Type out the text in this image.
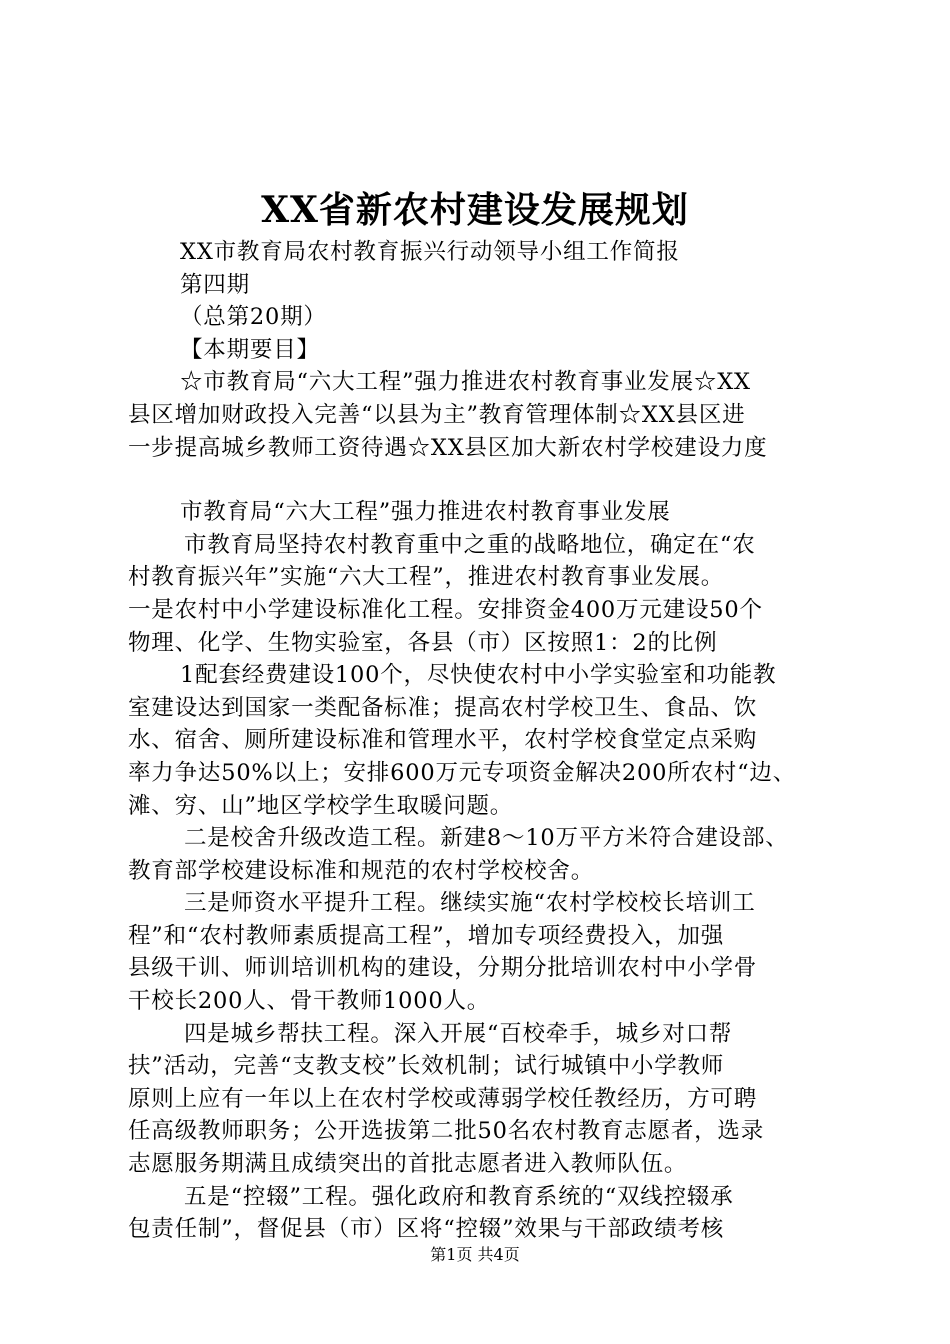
XX省新农村建设发展规划
XX市教育局农村教育振兴行动领导小组工作简报
第四期
（总第20期）
【本期要目】
☆市教育局“六大工程”强力推进农村教育事业发展☆XX
县区增加财政投入完善“以县为主”教育管理体制☆XX县区进
一步提高城乡教师工资待遇☆XX县区加大新农村学校建设力度
市教育局“六大工程”强力推进农村教育事业发展
市教育局坚持农村教育重中之重的战略地位，确定在“农
村教育振兴年”实施“六大工程”，推进农村教育事业发展。
一是农村中小学建设标准化工程。安排资金400万元建设50个
物理、化学、生物实验室，各县（市）区按照1：2的比例
1配套经费建设100个，尽快使农村中小学实验室和功能教
室建设达到国家一类配备标准；提高农村学校卫生、食品、饮
水、宿舍、厕所建设标准和管理水平，农村学校食堂定点采购
率力争达50%以上；安排600万元专项资金解决200所农村“边、
滩、穷、山”地区学校学生取暖问题。
二是校舍升级改造工程。新建8～10万平方米符合建设部、
教育部学校建设标准和规范的农村学校校舍。
三是师资水平提升工程。继续实施“农村学校校长培训工
程”和“农村教师素质提高工程”，增加专项经费投入，加强
县级干训、师训培训机构的建设，分期分批培训农村中小学骨
干校长200人、骨干教师1000人。
四是城乡帮扶工程。深入开展“百校牵手，城乡对口帮
扶”活动，完善“支教支校”长效机制；试行城镇中小学教师
原则上应有一年以上在农村学校或薄弱学校任教经历，方可聘
任高级教师职务；公开选拔第二批50名农村教育志愿者，选录
志愿服务期满且成绩突出的首批志愿者进入教师队伍。
五是“控辍”工程。强化政府和教育系统的“双线控辍承
包责任制”，督促县（市）区将“控辍”效果与干部政绩考核
第1页 共4页
